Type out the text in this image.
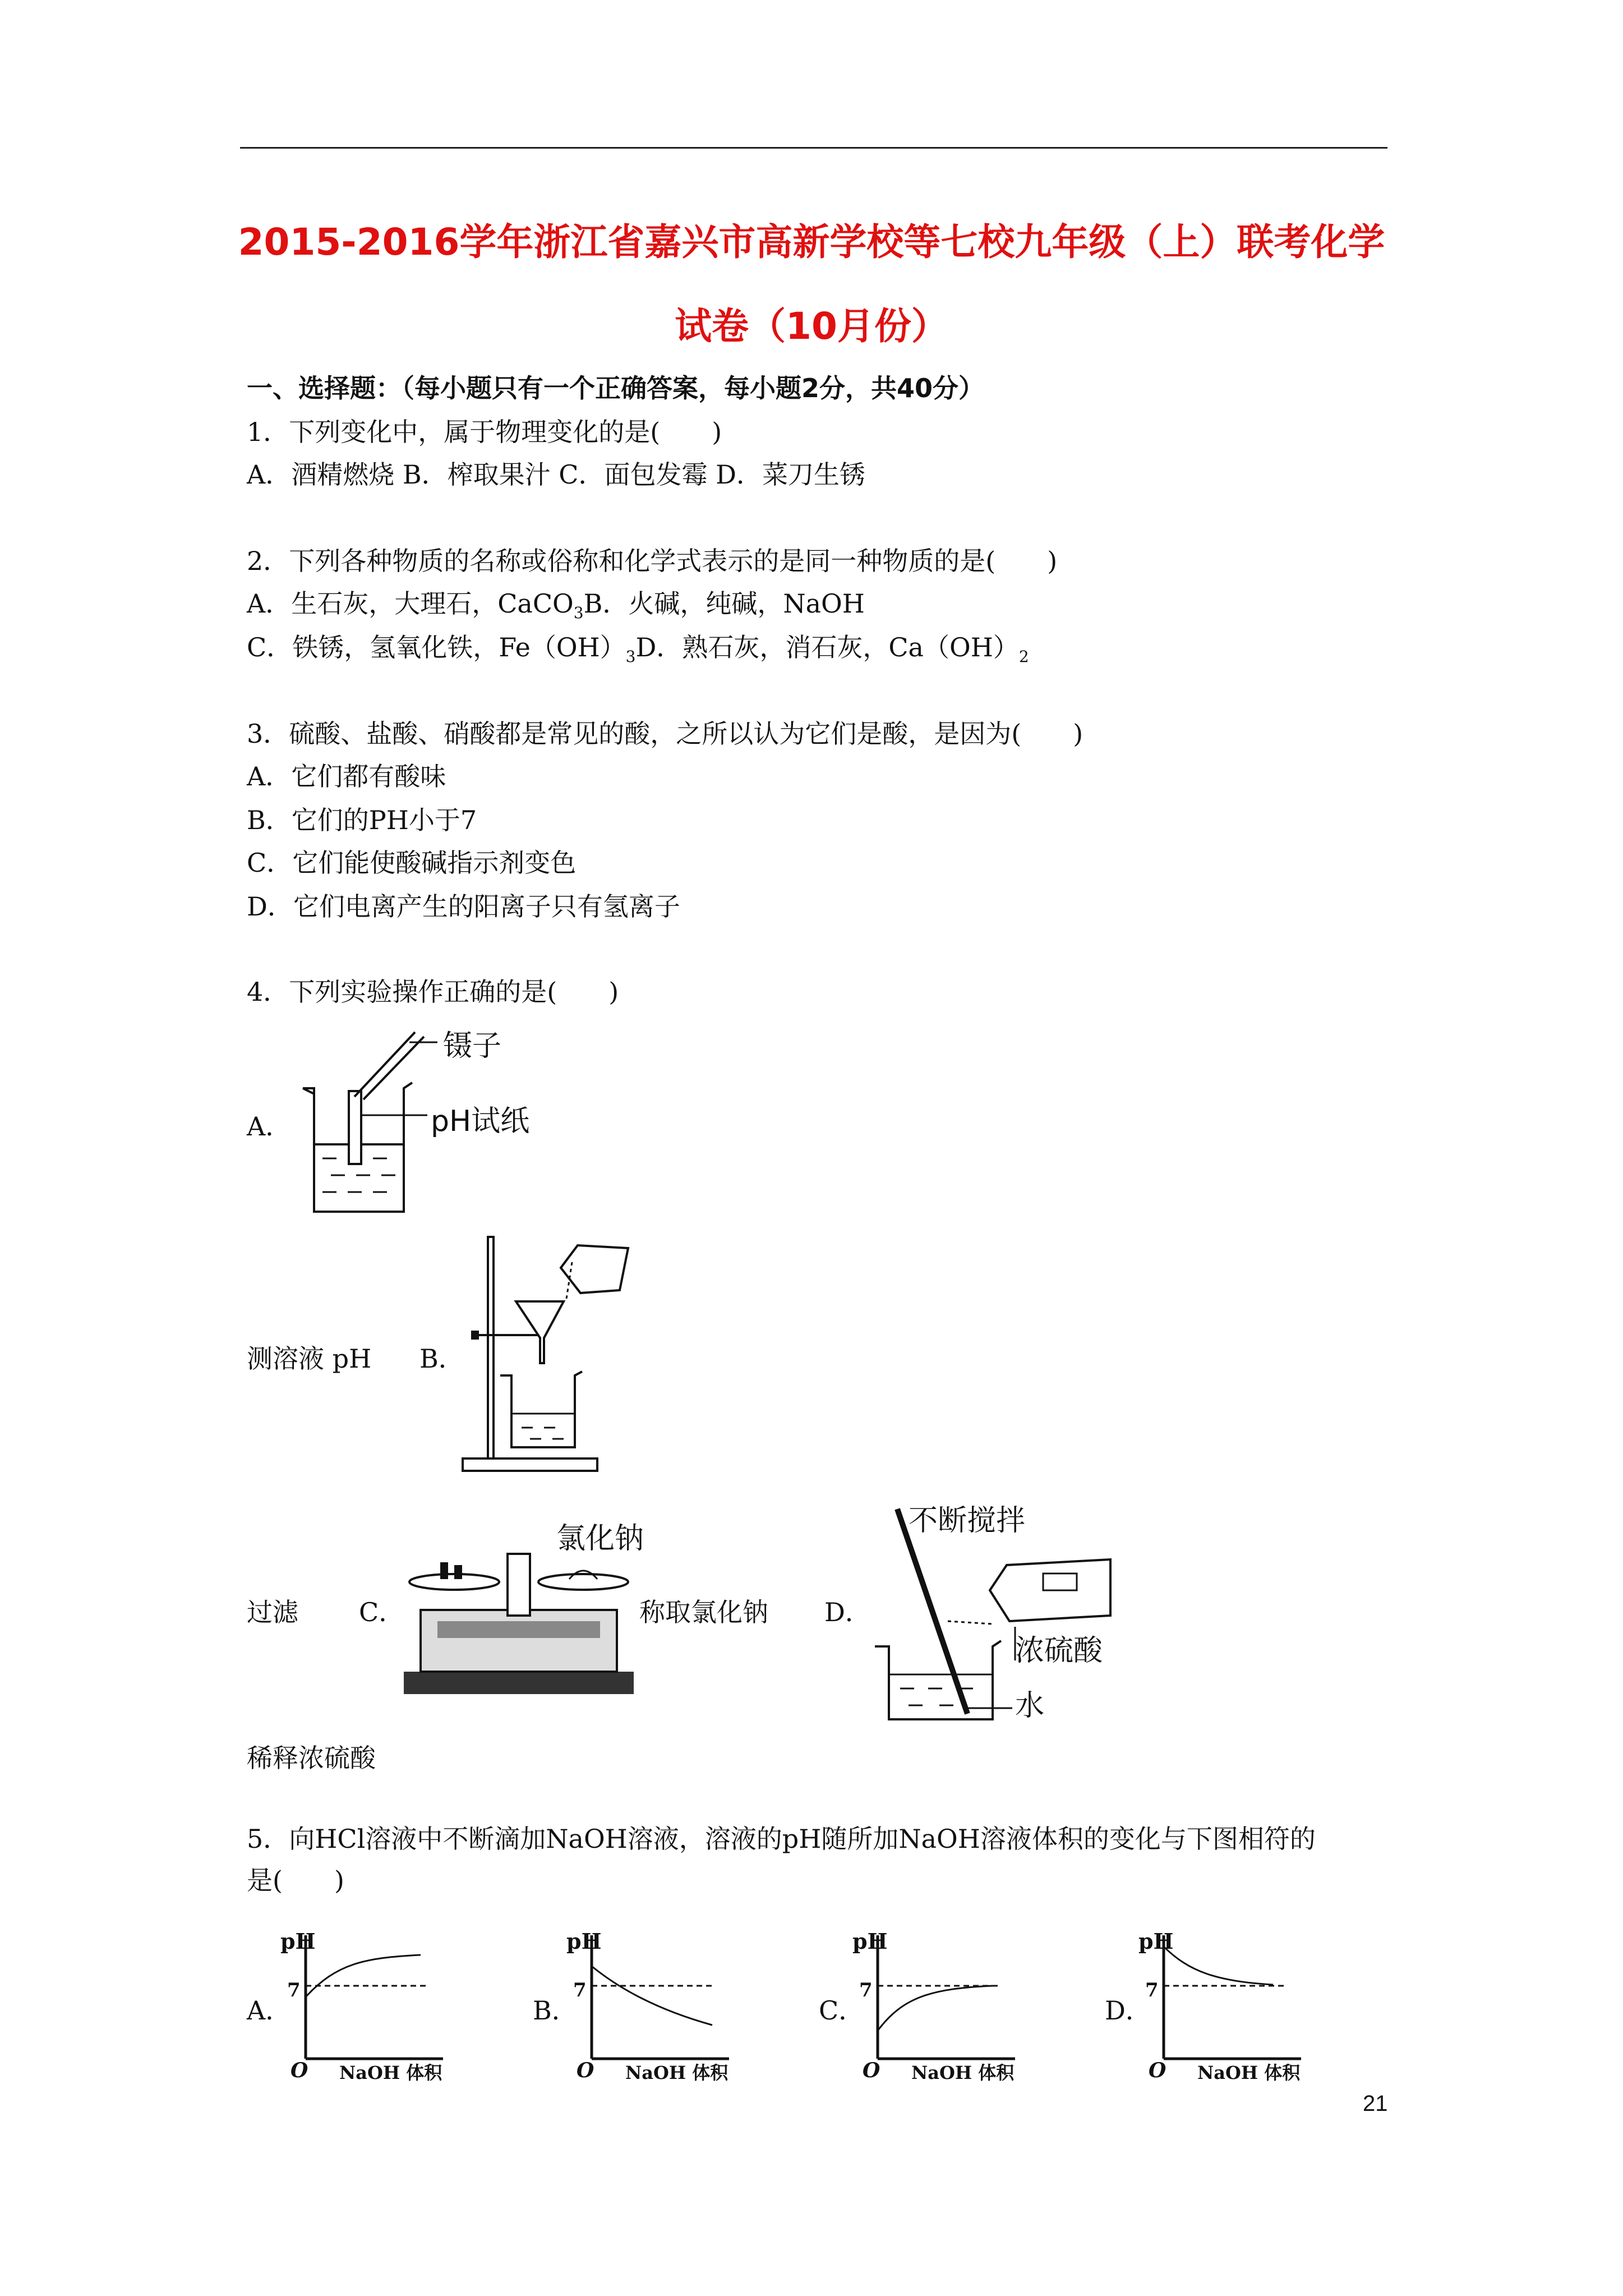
2015-2016学年浙江省嘉兴市高新学校等七校九年级（上）联考化学
试卷（10月份）
一、选择题：（每小题只有一个正确答案，每小题2分，共40分）
1．下列变化中，属于物理变化的是(　　)
A．酒精燃烧 B．榨取果汁 C．面包发霉 D．菜刀生锈
2．下列各种物质的名称或俗称和化学式表示的是同一种物质的是(　　)
A．生石灰，大理石，CaCO$_3$B．火碱，纯碱，NaOH
C．铁锈，氢氧化铁，$Fe(OH)_3D$．熟石灰，消石灰，$Ca(OH)_2$
3．硫酸、盐酸、硝酸都是常见的酸，之所以认为它们是酸，是因为(　　)
A．它们都有酸味
B．它们的PH小于7
C．它们能使酸碱指示剂变色
D．它们电离产生的阳离子只有氢离子
4．下列实验操作正确的是(　　)
A．
镊子
pH试纸
测溶液 pH B．
过滤 C．
氯化钠
称取氯化钠 D．
不断搅拌
浓硫酸
水
稀释浓硫酸
5．向HCl溶液中不断滴加NaOH溶液，溶液的pH随所加NaOH溶液体积的变化与下图相符的
是(　　)
A．
pH
7
O NaOH 体积
B．
pH
7
O NaOH 体积
C．
pH
7
O NaOH 体积
D．
pH
7
O NaOH 体积
21
